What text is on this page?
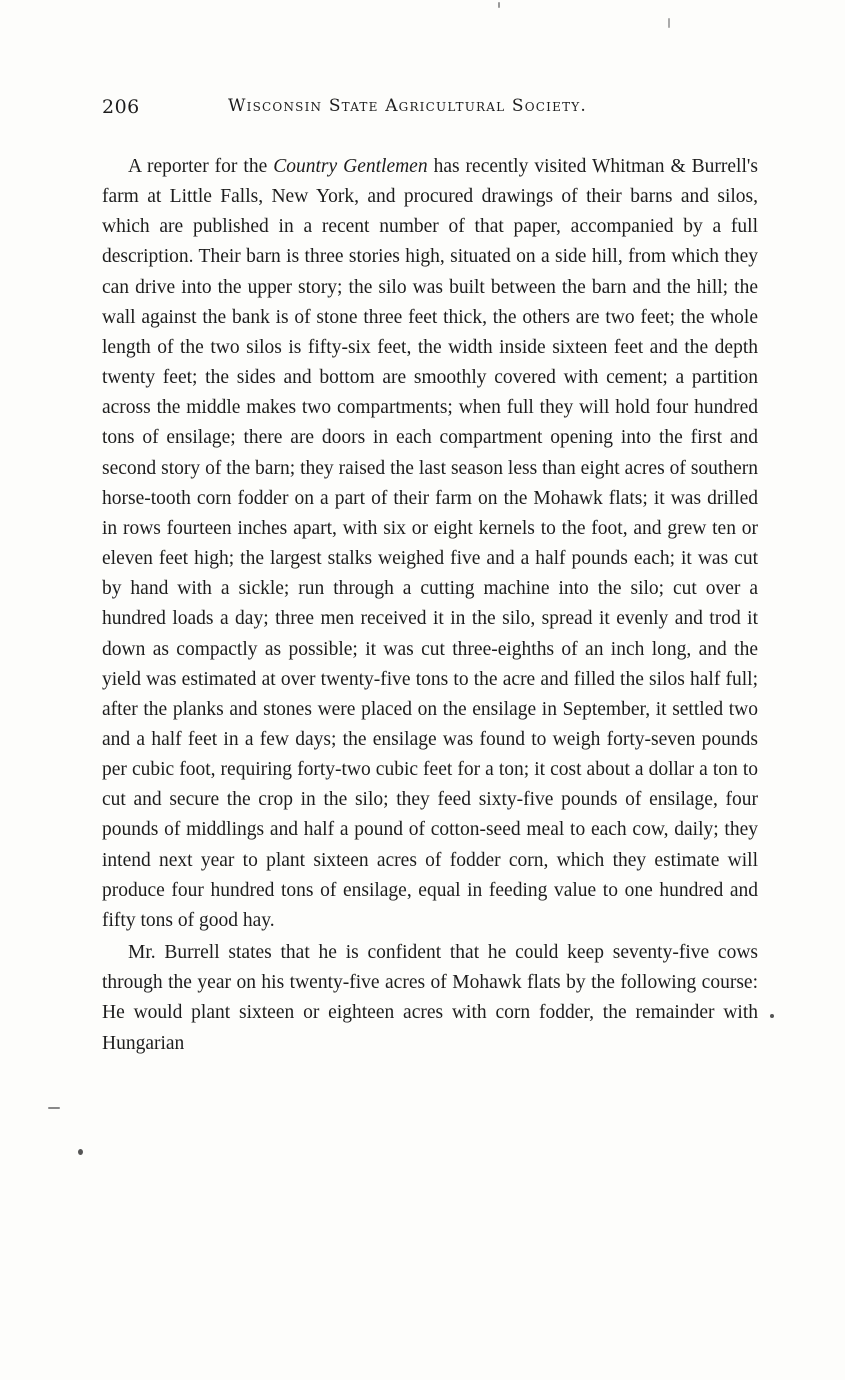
206	Wisconsin State Agricultural Society.

A reporter for the Country Gentlemen has recently visited Whitman & Burrell's farm at Little Falls, New York, and procured drawings of their barns and silos, which are published in a recent number of that paper, accompanied by a full description. Their barn is three stories high, situated on a side hill, from which they can drive into the upper story; the silo was built between the barn and the hill; the wall against the bank is of stone three feet thick, the others are two feet; the whole length of the two silos is fifty-six feet, the width inside sixteen feet and the depth twenty feet; the sides and bottom are smoothly covered with cement; a partition across the middle makes two compartments; when full they will hold four hundred tons of ensilage; there are doors in each compartment opening into the first and second story of the barn; they raised the last season less than eight acres of southern horse-tooth corn fodder on a part of their farm on the Mohawk flats; it was drilled in rows fourteen inches apart, with six or eight kernels to the foot, and grew ten or eleven feet high; the largest stalks weighed five and a half pounds each; it was cut by hand with a sickle; run through a cutting machine into the silo; cut over a hundred loads a day; three men received it in the silo, spread it evenly and trod it down as compactly as possible; it was cut three-eighths of an inch long, and the yield was estimated at over twenty-five tons to the acre and filled the silos half full; after the planks and stones were placed on the ensilage in September, it settled two and a half feet in a few days; the ensilage was found to weigh forty-seven pounds per cubic foot, requiring forty-two cubic feet for a ton; it cost about a dollar a ton to cut and secure the crop in the silo; they feed sixty-five pounds of ensilage, four pounds of middlings and half a pound of cotton-seed meal to each cow, daily; they intend next year to plant sixteen acres of fodder corn, which they estimate will produce four hundred tons of ensilage, equal in feeding value to one hundred and fifty tons of good hay.

Mr. Burrell states that he is confident that he could keep seventy-five cows through the year on his twenty-five acres of Mohawk flats by the following course: He would plant sixteen or eighteen acres with corn fodder, the remainder with Hungarian
